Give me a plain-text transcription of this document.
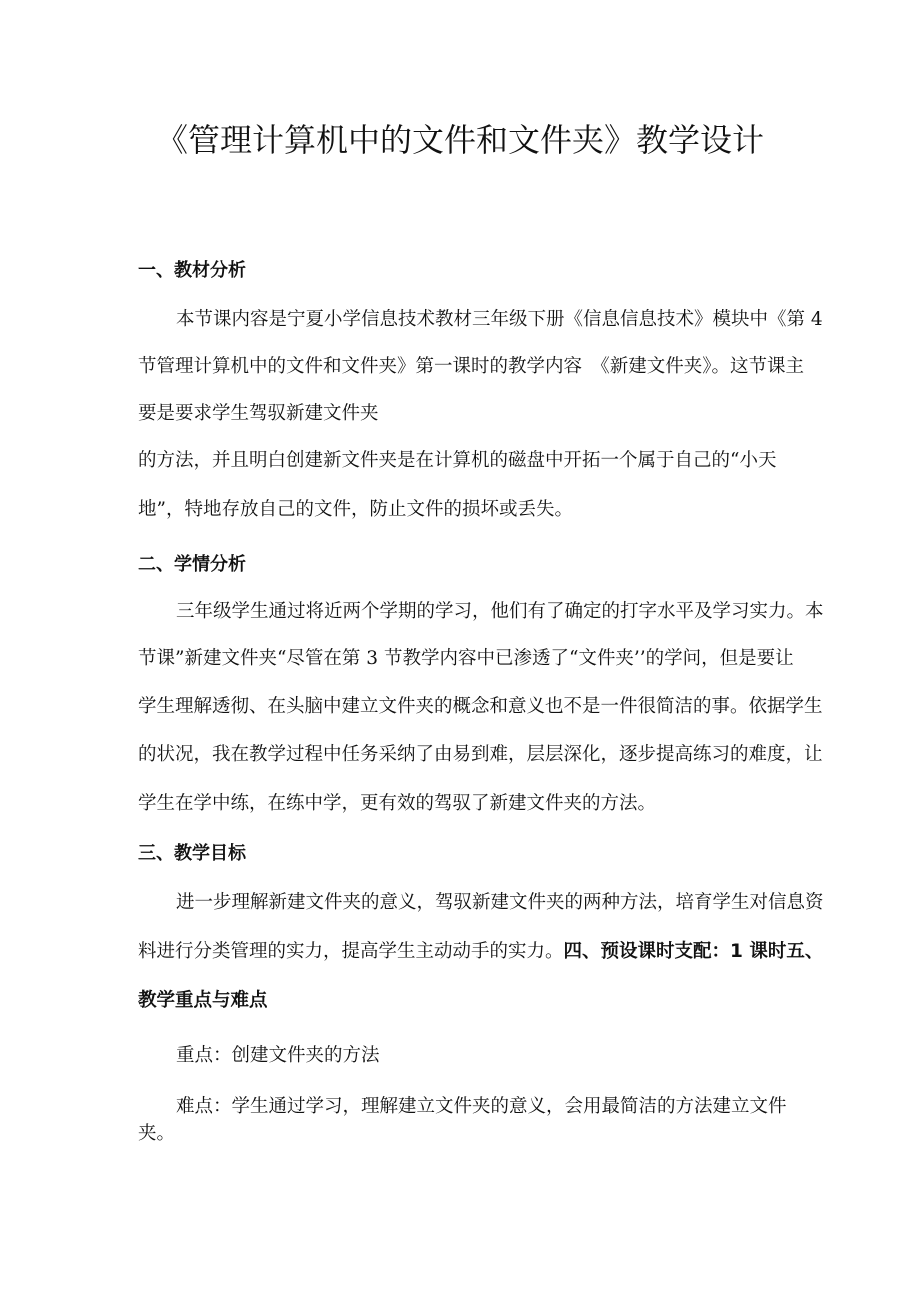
《管理计算机中的文件和文件夹》教学设计
一、教材分析
本节课内容是宁夏小学信息技术教材三年级下册《信息信息技术》模块中《第 4
节管理计算机中的文件和文件夹》第一课时的教学内容　《新建文件夹》。这节课主
要是要求学生驾驭新建文件夹
的方法，并且明白创建新文件夹是在计算机的磁盘中开拓一个属于自己的“小天
地”，特地存放自己的文件，防止文件的损坏或丢失。
二、学情分析
三年级学生通过将近两个学期的学习，他们有了确定的打字水平及学习实力。本
节课”新建文件夹“尽管在第 3 节教学内容中已渗透了“文件夹’’的学问，但是要让
学生理解透彻、在头脑中建立文件夹的概念和意义也不是一件很简洁的事。依据学生
的状况，我在教学过程中任务采纳了由易到难，层层深化，逐步提高练习的难度，让
学生在学中练，在练中学，更有效的驾驭了新建文件夹的方法。
三、教学目标
进一步理解新建文件夹的意义，驾驭新建文件夹的两种方法，培育学生对信息资
料进行分类管理的实力，提高学生主动动手的实力。四、预设课时支配：1 课时五、
教学重点与难点
重点：创建文件夹的方法
难点：学生通过学习，理解建立文件夹的意义，会用最简洁的方法建立文件
夹。
